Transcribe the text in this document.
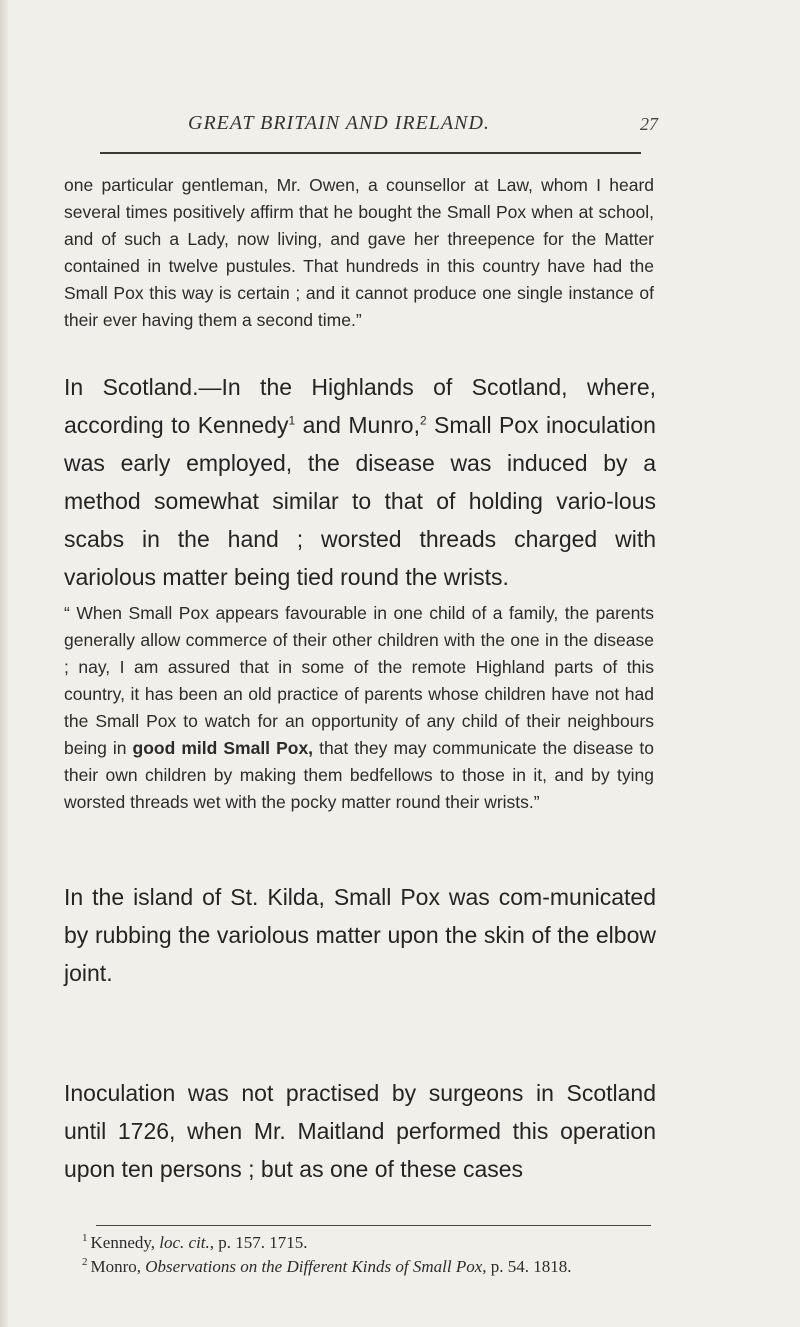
GREAT BRITAIN AND IRELAND.	27

one particular gentleman, Mr. Owen, a counsellor at Law, whom I heard several times positively affirm that he bought the Small Pox when at school, and of such a Lady, now living, and gave her threepence for the Matter contained in twelve pustules. That hundreds in this country have had the Small Pox this way is certain ; and it cannot produce one single instance of their ever having them a second time.”

In Scotland.—In the Highlands of Scotland, where, according to Kennedy$^1$ and Munro,$^2$ Small Pox inoculation was early employed, the disease was induced by a method somewhat similar to that of holding vario-lous scabs in the hand ; worsted threads charged with variolous matter being tied round the wrists.

“ When Small Pox appears favourable in one child of a family, the parents generally allow commerce of their other children with the one in the disease ; nay, I am assured that in some of the remote Highland parts of this country, it has been an old practice of parents whose children have not had the Small Pox to watch for an opportunity of any child of their neighbours being in good mild Small Pox, that they may communicate the disease to their own children by making them bedfellows to those in it, and by tying worsted threads wet with the pocky matter round their wrists.”

In the island of St. Kilda, Small Pox was com-municated by rubbing the variolous matter upon the skin of the elbow joint.

Inoculation was not practised by surgeons in Scotland until 1726, when Mr. Maitland performed this operation upon ten persons ; but as one of these cases

$^1$ Kennedy, loc. cit., p. 157. 1715.

$^2$ Monro, Observations on the Different Kinds of Small Pox, p. 54. 1818.
